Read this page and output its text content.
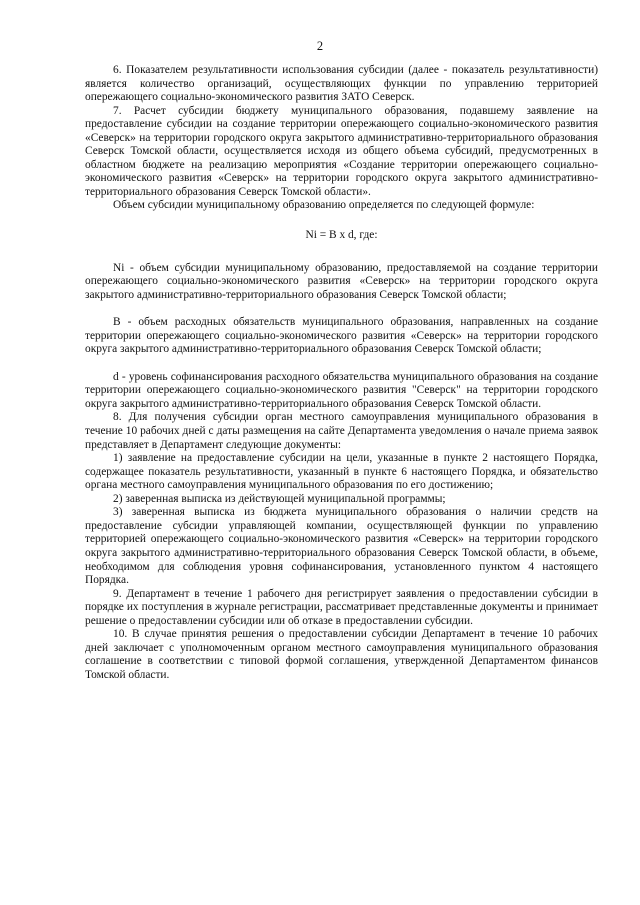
2

6. Показателем результативности использования субсидии (далее - показатель результативности) является количество организаций, осуществляющих функции по управлению территорией опережающего социально-экономического развития ЗАТО Северск.

7. Расчет субсидии бюджету муниципального образования, подавшему заявление на предоставление субсидии на создание территории опережающего социально-экономического развития «Северск» на территории городского округа закрытого административно-территориального образования Северск Томской области, осуществляется исходя из общего объема субсидий, предусмотренных в областном бюджете на реализацию мероприятия «Создание территории опережающего социально-экономического развития «Северск» на территории городского округа закрытого административно-территориального образования Северск Томской области».

Объем субсидии муниципальному образованию определяется по следующей формуле:

Ni = B x d, где:

Ni - объем субсидии муниципальному образованию, предоставляемой на создание территории опережающего социально-экономического развития «Северск» на территории городского округа закрытого административно-территориального образования Северск Томской области;

B - объем расходных обязательств муниципального образования, направленных на создание территории опережающего социально-экономического развития «Северск» на территории городского округа закрытого административно-территориального образования Северск Томской области;

d - уровень софинансирования расходного обязательства муниципального образования на создание территории опережающего социально-экономического развития "Северск" на территории городского округа закрытого административно-территориального образования Северск Томской области.

8. Для получения субсидии орган местного самоуправления муниципального образования в течение 10 рабочих дней с даты размещения на сайте Департамента уведомления о начале приема заявок представляет в Департамент следующие документы:

1) заявление на предоставление субсидии на цели, указанные в пункте 2 настоящего Порядка, содержащее показатель результативности, указанный в пункте 6 настоящего Порядка, и обязательство органа местного самоуправления муниципального образования по его достижению;

2) заверенная выписка из действующей муниципальной программы;

3) заверенная выписка из бюджета муниципального образования о наличии средств на предоставление субсидии управляющей компании, осуществляющей функции по управлению территорией опережающего социально-экономического развития «Северск» на территории городского округа закрытого административно-территориального образования Северск Томской области, в объеме, необходимом для соблюдения уровня софинансирования, установленного пунктом 4 настоящего Порядка.

9. Департамент в течение 1 рабочего дня регистрирует заявления о предоставлении субсидии в порядке их поступления в журнале регистрации, рассматривает представленные документы и принимает решение о предоставлении субсидии или об отказе в предоставлении субсидии.

10. В случае принятия решения о предоставлении субсидии Департамент в течение 10 рабочих дней заключает с уполномоченным органом местного самоуправления муниципального образования соглашение в соответствии с типовой формой соглашения, утвержденной Департаментом финансов Томской области.
